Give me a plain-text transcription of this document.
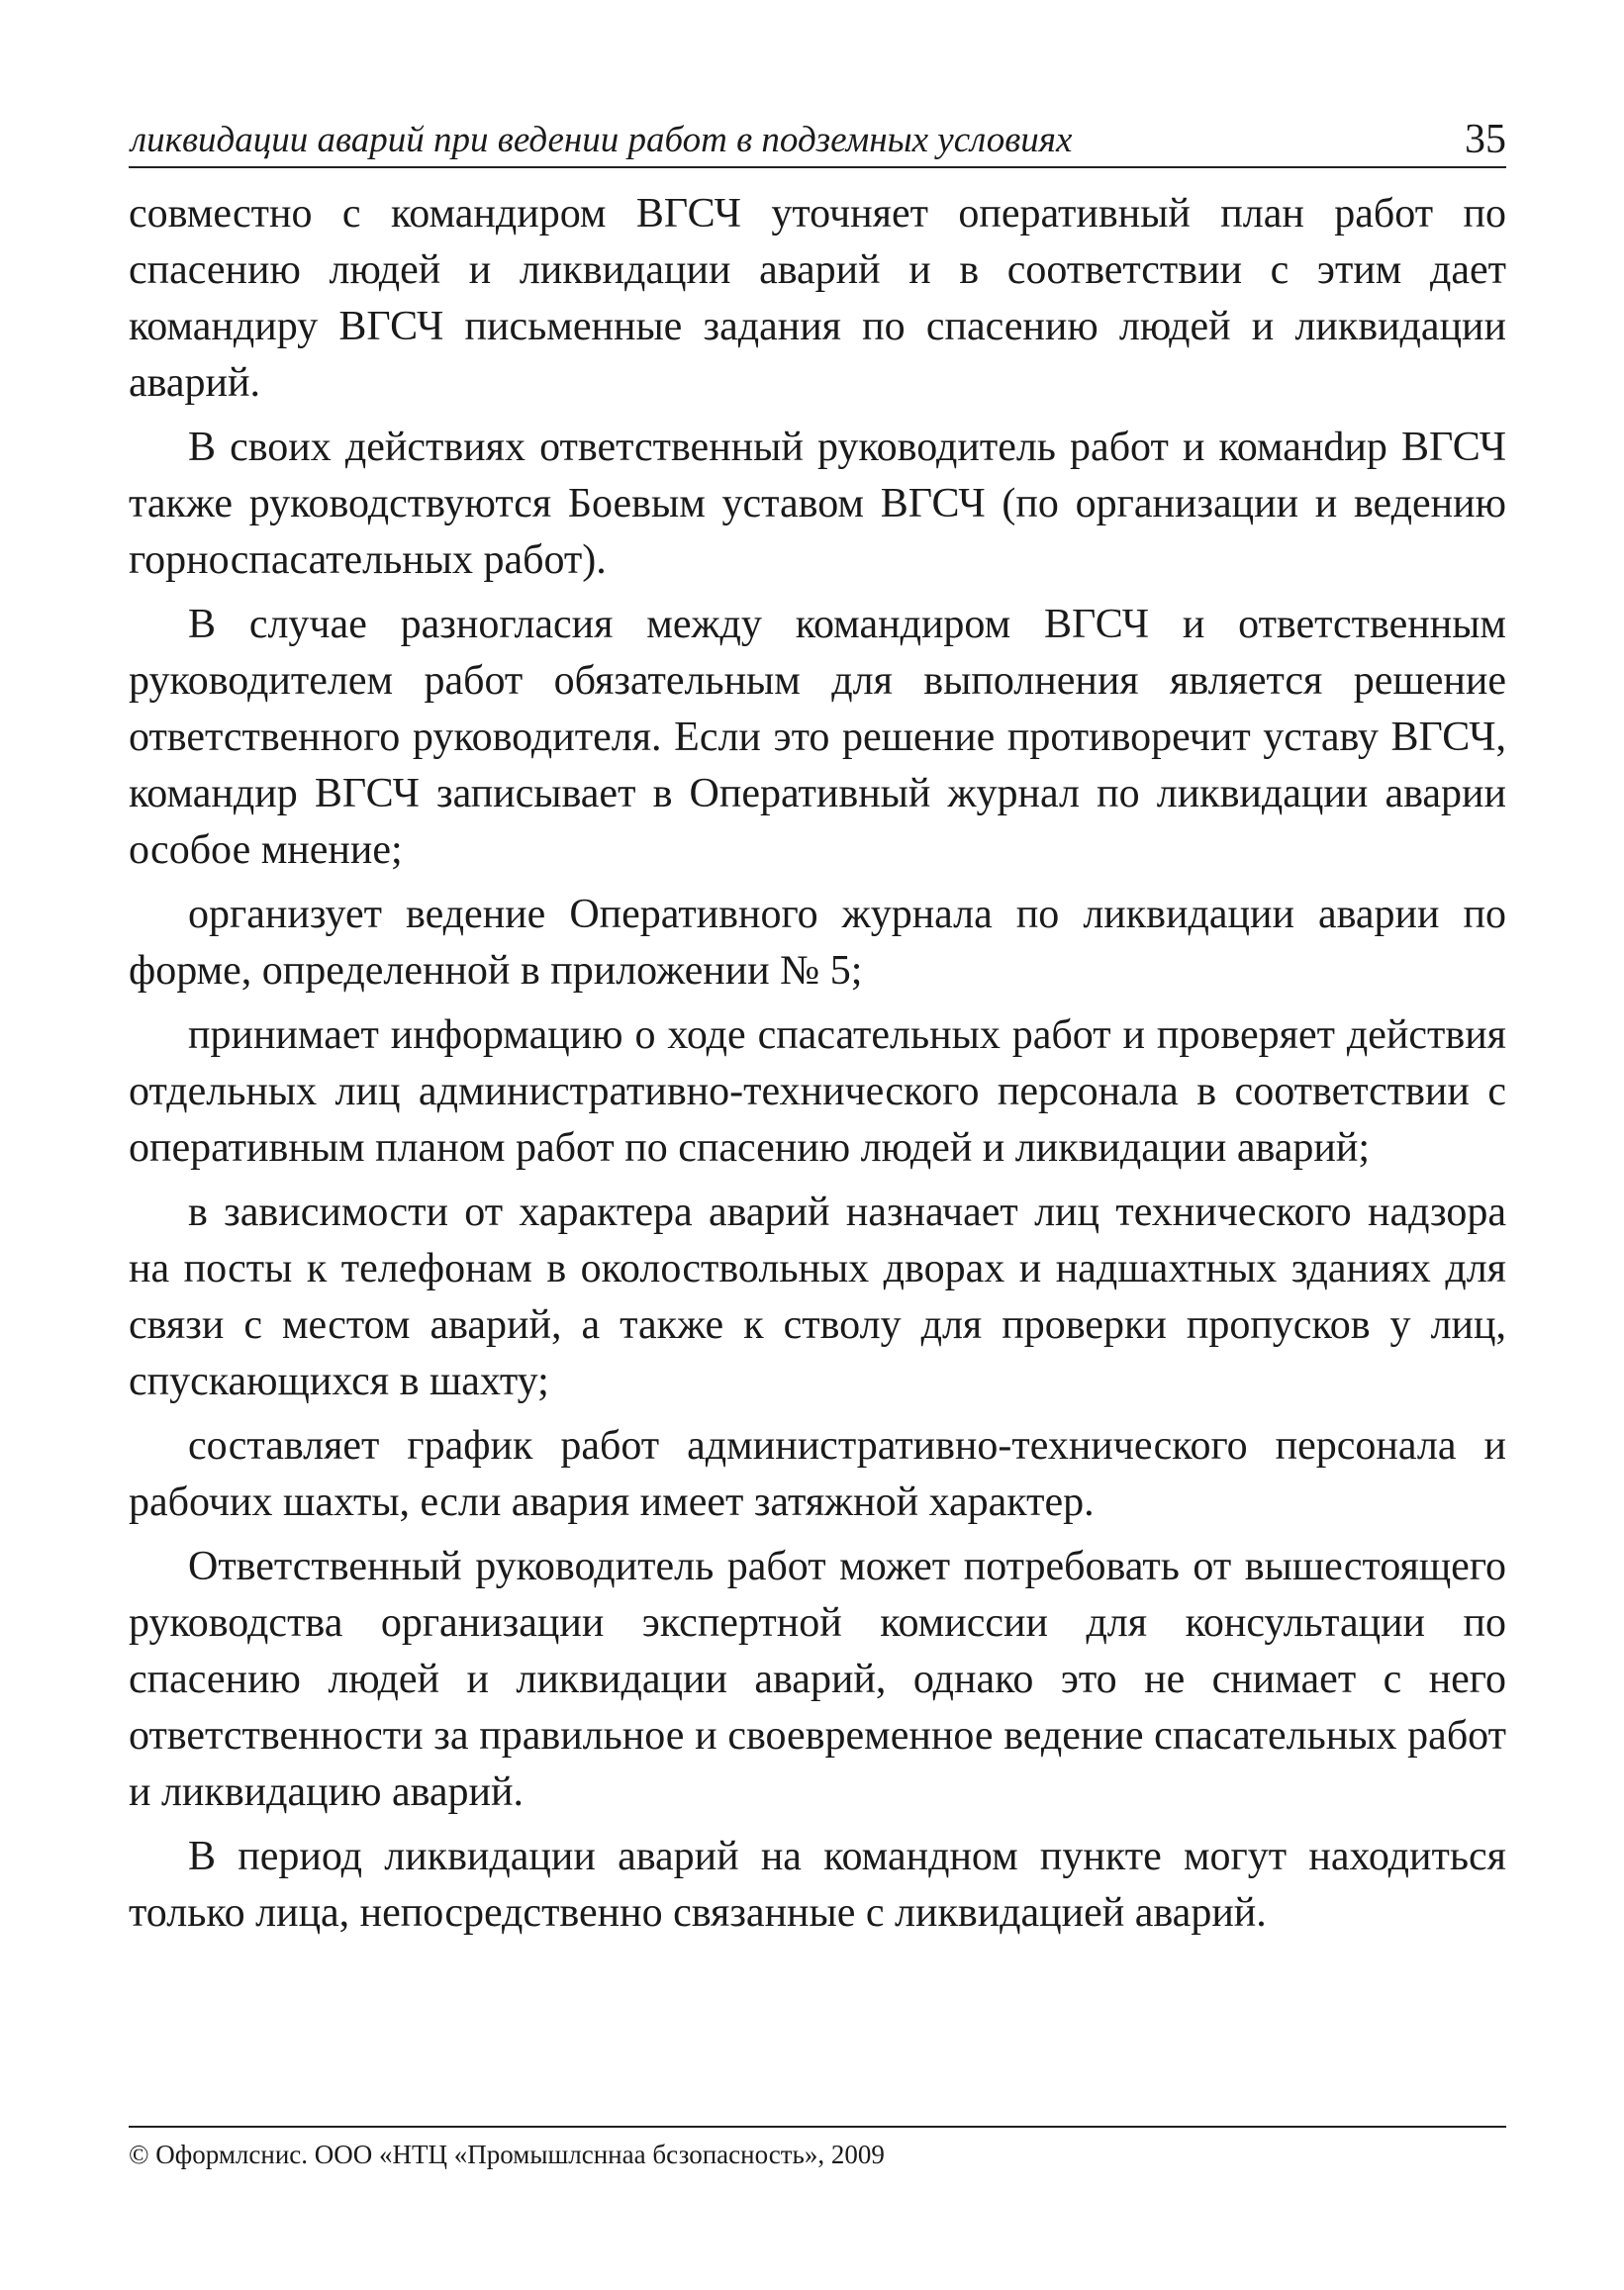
ликвидации аварий при ведении работ в подземных условиях	35

совместно с командиром ВГСЧ уточняет оперативный план работ по спасению людей и ликвидации аварий и в соответствии с этим дает командиру ВГСЧ письменные задания по спасению людей и ликвидации аварий.

В своих действиях ответственный руководитель работ и команdир ВГСЧ также руководствуются Боевым уставом ВГСЧ (по организации и ведению горноспасательных работ).

В случае разногласия между командиром ВГСЧ и ответственным руководителем работ обязательным для выполнения является решение ответственного руководителя. Если это решение противоречит уставу ВГСЧ, командир ВГСЧ записывает в Оперативный журнал по ликвидации аварии особое мнение;

организует ведение Оперативного журнала по ликвидации аварии по форме, определенной в приложении № 5;

принимает информацию о ходе спасательных работ и проверяет действия отдельных лиц административно-технического персонала в соответствии с оперативным планом работ по спасению людей и ликвидации аварий;

в зависимости от характера аварий назначает лиц технического надзора на посты к телефонам в околоствольных дворах и надшахтных зданиях для связи с местом аварий, а также к стволу для проверки пропусков у лиц, спускающихся в шахту;

составляет график работ административно-технического персонала и рабочих шахты, если авария имеет затяжной характер.

Ответственный руководитель работ может потребовать от вышестоящего руководства организации экспертной комиссии для консультации по спасению людей и ликвидации аварий, однако это не снимает с него ответственности за правильное и своевременное ведение спасательных работ и ликвидацию аварий.

В период ликвидации аварий на командном пункте могут находиться только лица, непосредственно связанные с ликвидацией аварий.

© Оформлснис. ООО «НТЦ «Промышлсннаа бсзопасность», 2009
